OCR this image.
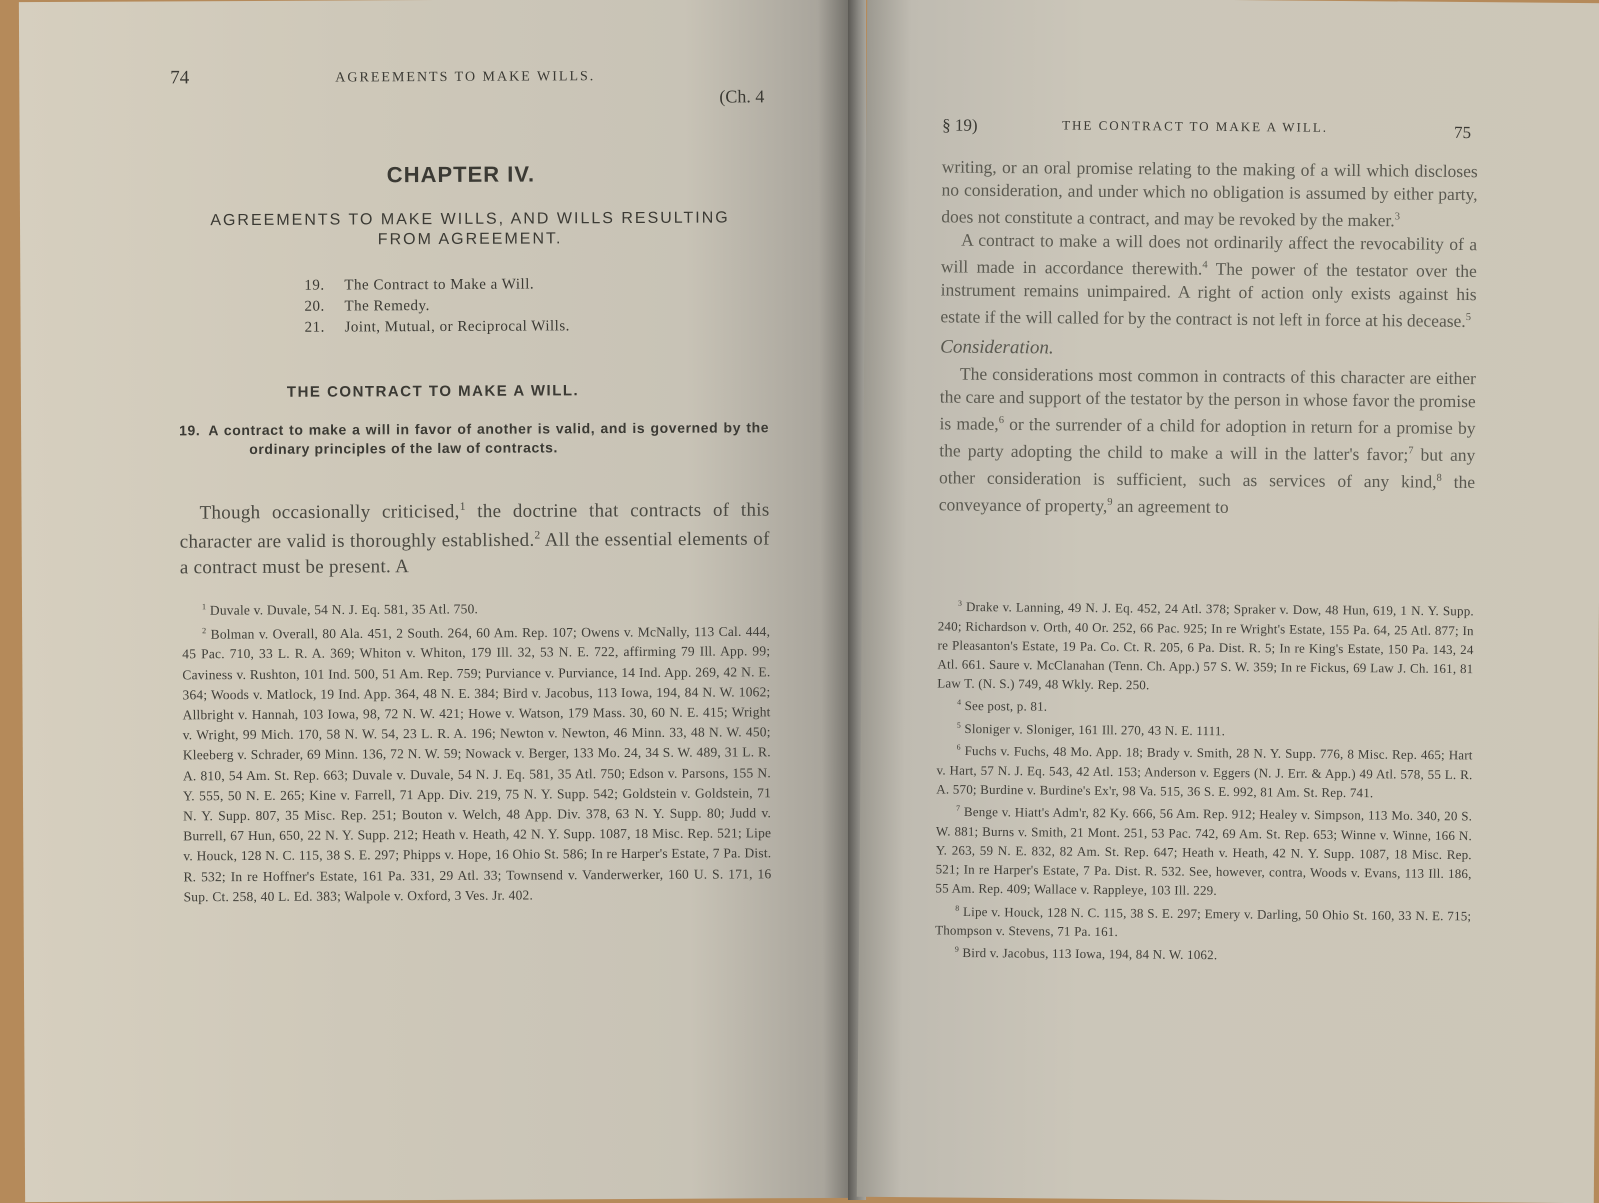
74	AGREEMENTS TO MAKE WILLS.
(Ch. 4
CHAPTER IV.
AGREEMENTS TO MAKE WILLS, AND WILLS RESULTING
FROM AGREEMENT.
19. The Contract to Make a Will.
20. The Remedy.
21. Joint, Mutual, or Reciprocal Wills.
THE CONTRACT TO MAKE A WILL.
19. A contract to make a will in favor of another is valid, and is governed by the ordinary principles of the law of contracts.

Though occasionally criticised,$^1$ the doctrine that contracts of this character are valid is thoroughly established.$^2$ All the essential elements of a contract must be present. A

$^1$ Duvale v. Duvale, 54 N. J. Eq. 581, 35 Atl. 750.

$^2$ Bolman v. Overall, 80 Ala. 451, 2 South. 264, 60 Am. Rep. 107; Owens v. McNally, 113 Cal. 444, 45 Pac. 710, 33 L. R. A. 369; Whiton v. Whiton, 179 Ill. 32, 53 N. E. 722, affirming 79 Ill. App. 99; Caviness v. Rushton, 101 Ind. 500, 51 Am. Rep. 759; Purviance v. Purviance, 14 Ind. App. 269, 42 N. E. 364; Woods v. Matlock, 19 Ind. App. 364, 48 N. E. 384; Bird v. Jacobus, 113 Iowa, 194, 84 N. W. 1062; Allbright v. Hannah, 103 Iowa, 98, 72 N. W. 421; Howe v. Watson, 179 Mass. 30, 60 N. E. 415; Wright v. Wright, 99 Mich. 170, 58 N. W. 54, 23 L. R. A. 196; Newton v. Newton, 46 Minn. 33, 48 N. W. 450; Kleeberg v. Schrader, 69 Minn. 136, 72 N. W. 59; Nowack v. Berger, 133 Mo. 24, 34 S. W. 489, 31 L. R. A. 810, 54 Am. St. Rep. 663; Duvale v. Duvale, 54 N. J. Eq. 581, 35 Atl. 750; Edson v. Parsons, 155 N. Y. 555, 50 N. E. 265; Kine v. Farrell, 71 App. Div. 219, 75 N. Y. Supp. 542; Goldstein v. Goldstein, 71 N. Y. Supp. 807, 35 Misc. Rep. 251; Bouton v. Welch, 48 App. Div. 378, 63 N. Y. Supp. 80; Judd v. Burrell, 67 Hun, 650, 22 N. Y. Supp. 212; Heath v. Heath, 42 N. Y. Supp. 1087, 18 Misc. Rep. 521; Lipe v. Houck, 128 N. C. 115, 38 S. E. 297; Phipps v. Hope, 16 Ohio St. 586; In re Harper's Estate, 7 Pa. Dist. R. 532; In re Hoffner's Estate, 161 Pa. 331, 29 Atl. 33; Townsend v. Vanderwerker, 160 U. S. 171, 16 Sup. Ct. 258, 40 L. Ed. 383; Walpole v. Oxford, 3 Ves. Jr. 402.

§ 19)	THE CONTRACT TO MAKE A WILL.	75

writing, or an oral promise relating to the making of a will which discloses no consideration, and under which no obligation is assumed by either party, does not constitute a contract, and may be revoked by the maker.$^3$

A contract to make a will does not ordinarily affect the revocability of a will made in accordance therewith.$^4$ The power of the testator over the instrument remains unimpaired. A right of action only exists against his estate if the will called for by the contract is not left in force at his decease.$^5$

Consideration.

The considerations most common in contracts of this character are either the care and support of the testator by the person in whose favor the promise is made,$^6$ or the surrender of a child for adoption in return for a promise by the party adopting the child to make a will in the latter's favor;$^7$ but any other consideration is sufficient, such as services of any kind,$^8$ the conveyance of property,$^9$ an agreement to

$^3$ Drake v. Lanning, 49 N. J. Eq. 452, 24 Atl. 378; Spraker v. Dow, 48 Hun, 619, 1 N. Y. Supp. 240; Richardson v. Orth, 40 Or. 252, 66 Pac. 925; In re Wright's Estate, 155 Pa. 64, 25 Atl. 877; In re Pleasanton's Estate, 19 Pa. Co. Ct. R. 205, 6 Pa. Dist. R. 5; In re King's Estate, 150 Pa. 143, 24 Atl. 661. Saure v. McClanahan (Tenn. Ch. App.) 57 S. W. 359; In re Fickus, 69 Law J. Ch. 161, 81 Law T. (N. S.) 749, 48 Wkly. Rep. 250.

$^4$ See post, p. 81.

$^5$ Sloniger v. Sloniger, 161 Ill. 270, 43 N. E. 1111.

$^6$ Fuchs v. Fuchs, 48 Mo. App. 18; Brady v. Smith, 28 N. Y. Supp. 776, 8 Misc. Rep. 465; Hart v. Hart, 57 N. J. Eq. 543, 42 Atl. 153; Anderson v. Eggers (N. J. Err. & App.) 49 Atl. 578, 55 L. R. A. 570; Burdine v. Burdine's Ex'r, 98 Va. 515, 36 S. E. 992, 81 Am. St. Rep. 741.

$^7$ Benge v. Hiatt's Adm'r, 82 Ky. 666, 56 Am. Rep. 912; Healey v. Simpson, 113 Mo. 340, 20 S. W. 881; Burns v. Smith, 21 Mont. 251, 53 Pac. 742, 69 Am. St. Rep. 653; Winne v. Winne, 166 N. Y. 263, 59 N. E. 832, 82 Am. St. Rep. 647; Heath v. Heath, 42 N. Y. Supp. 1087, 18 Misc. Rep. 521; In re Harper's Estate, 7 Pa. Dist. R. 532. See, however, contra, Woods v. Evans, 113 Ill. 186, 55 Am. Rep. 409; Wallace v. Rappleye, 103 Ill. 229.

$^8$ Lipe v. Houck, 128 N. C. 115, 38 S. E. 297; Emery v. Darling, 50 Ohio St. 160, 33 N. E. 715; Thompson v. Stevens, 71 Pa. 161.

$^9$ Bird v. Jacobus, 113 Iowa, 194, 84 N. W. 1062.
